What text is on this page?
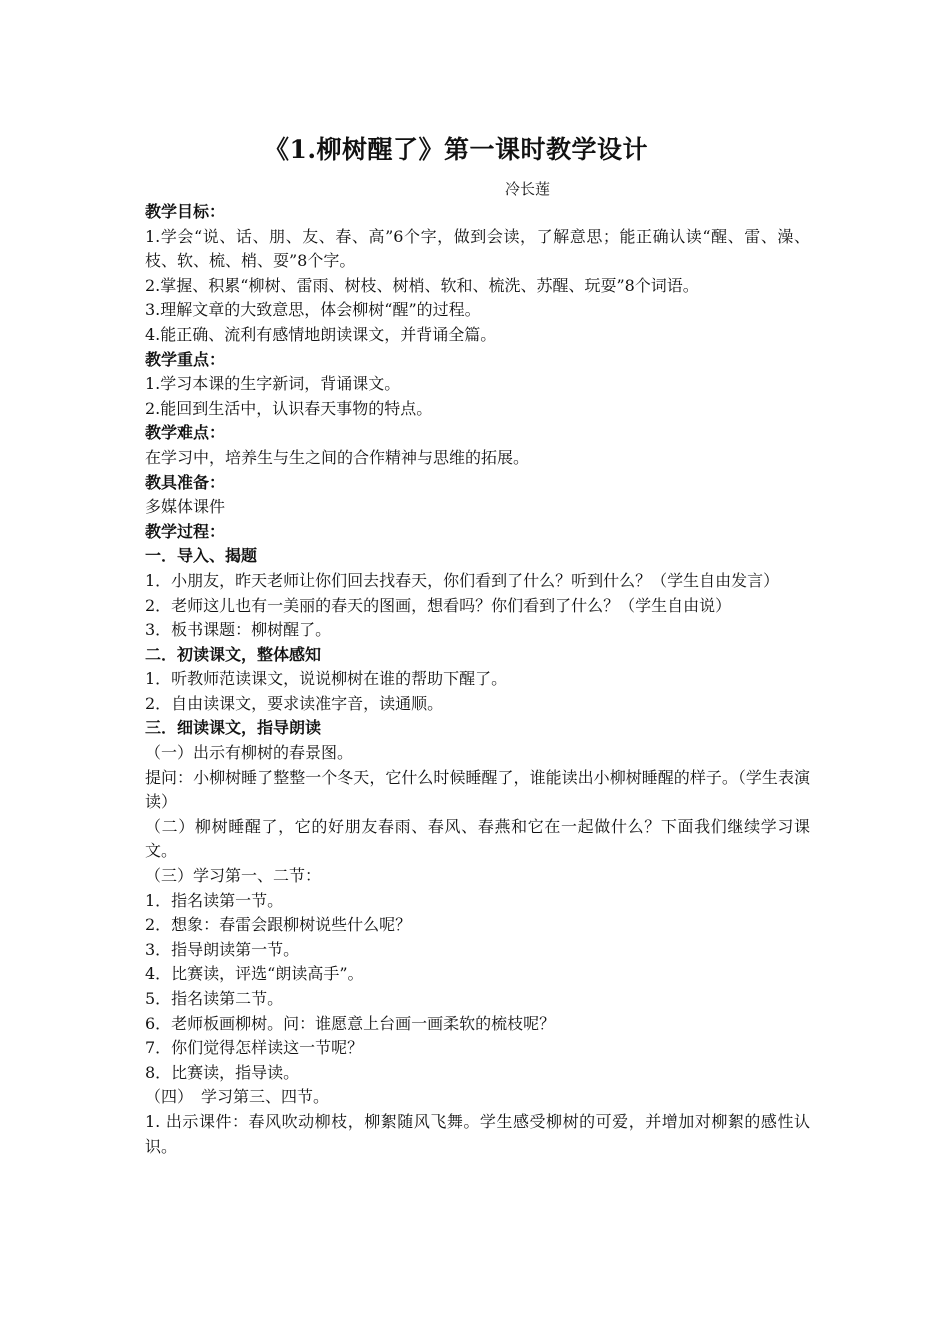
《1.柳树醒了》第一课时教学设计
冷长莲

教学目标：

1.学会“说、话、朋、友、春、高”6个字，做到会读，了解意思；能正确认读“醒、雷、澡、枝、软、梳、梢、耍”8个字。

2.掌握、积累“柳树、雷雨、树枝、树梢、软和、梳洗、苏醒、玩耍”8个词语。

3.理解文章的大致意思，体会柳树“醒”的过程。

4.能正确、流利有感情地朗读课文，并背诵全篇。

教学重点：

1.学习本课的生字新词，背诵课文。

2.能回到生活中，认识春天事物的特点。

教学难点：

在学习中，培养生与生之间的合作精神与思维的拓展。

教具准备：

多媒体课件

教学过程：

一．导入、揭题

1．小朋友，昨天老师让你们回去找春天，你们看到了什么？听到什么？（学生自由发言）

2．老师这儿也有一美丽的春天的图画，想看吗？你们看到了什么？（学生自由说）

3．板书课题：柳树醒了。

二．初读课文，整体感知

1．听教师范读课文，说说柳树在谁的帮助下醒了。

2．自由读课文，要求读准字音，读通顺。

三．细读课文，指导朗读

（一）出示有柳树的春景图。

提问：小柳树睡了整整一个冬天，它什么时候睡醒了，谁能读出小柳树睡醒的样子。（学生表演读）

（二）柳树睡醒了，它的好朋友春雨、春风、春燕和它在一起做什么？下面我们继续学习课文。

（三）学习第一、二节：

1．指名读第一节。

2．想象：春雷会跟柳树说些什么呢？

3．指导朗读第一节。

4．比赛读，评选“朗读高手”。

5．指名读第二节。

6．老师板画柳树。问：谁愿意上台画一画柔软的梳枝呢？

7．你们觉得怎样读这一节呢？

8．比赛读，指导读。

（四）　学习第三、四节。

1. 出示课件：春风吹动柳枝，柳絮随风飞舞。学生感受柳树的可爱，并增加对柳絮的感性认识。
